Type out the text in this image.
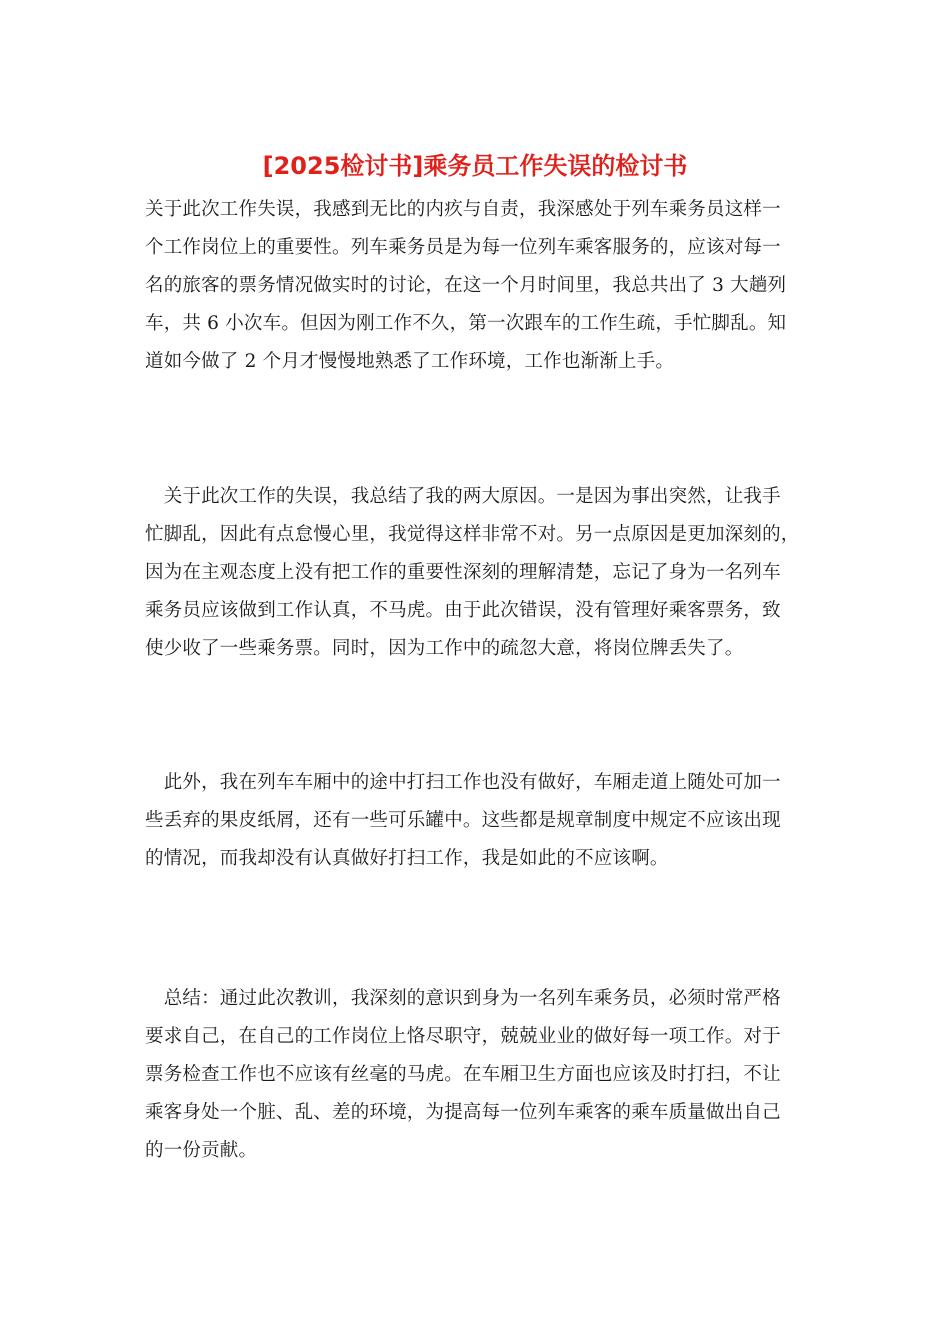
[2025检讨书]乘务员工作失误的检讨书

关于此次工作失误，我感到无比的内疚与自责，我深感处于列车乘务员这样一
个工作岗位上的重要性。列车乘务员是为每一位列车乘客服务的，应该对每一
名的旅客的票务情况做实时的讨论，在这一个月时间里，我总共出了 3 大趟列
车，共 6 小次车。但因为刚工作不久，第一次跟车的工作生疏，手忙脚乱。知
道如今做了 2 个月才慢慢地熟悉了工作环境，工作也渐渐上手。

　关于此次工作的失误，我总结了我的两大原因。一是因为事出突然，让我手
忙脚乱，因此有点怠慢心里，我觉得这样非常不对。另一点原因是更加深刻的，
因为在主观态度上没有把工作的重要性深刻的理解清楚，忘记了身为一名列车
乘务员应该做到工作认真，不马虎。由于此次错误，没有管理好乘客票务，致
使少收了一些乘务票。同时，因为工作中的疏忽大意，将岗位牌丢失了。

　此外，我在列车车厢中的途中打扫工作也没有做好，车厢走道上随处可加一
些丢弃的果皮纸屑，还有一些可乐罐中。这些都是规章制度中规定不应该出现
的情况，而我却没有认真做好打扫工作，我是如此的不应该啊。

　总结：通过此次教训，我深刻的意识到身为一名列车乘务员，必须时常严格
要求自己，在自己的工作岗位上恪尽职守，兢兢业业的做好每一项工作。对于
票务检查工作也不应该有丝毫的马虎。在车厢卫生方面也应该及时打扫，不让
乘客身处一个脏、乱、差的环境，为提高每一位列车乘客的乘车质量做出自己
的一份贡献。
